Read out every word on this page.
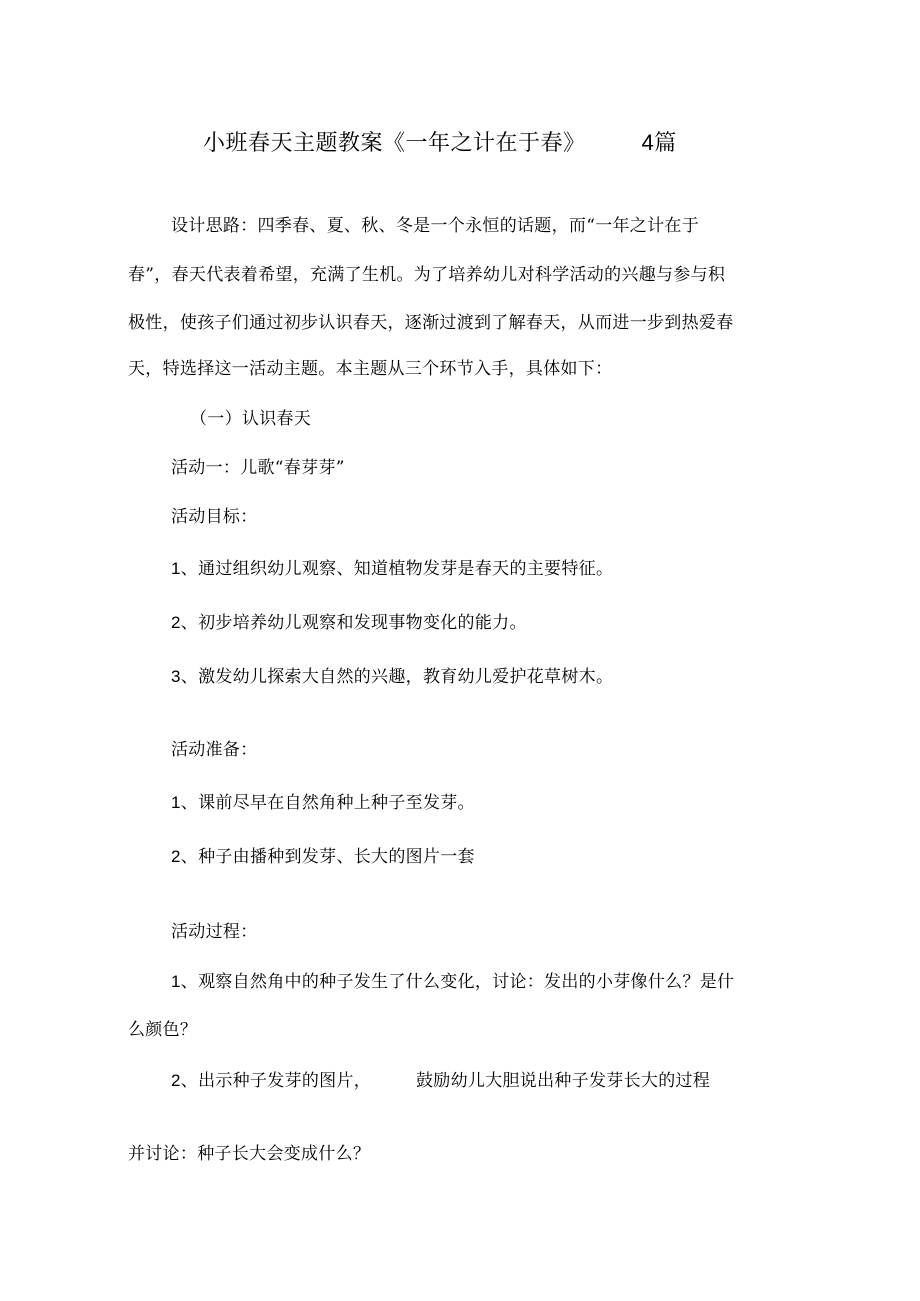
小班春天主题教案《一年之计在于春》	4篇
设计思路：四季春、夏、秋、冬是一个永恒的话题，而“一年之计在于
春”，春天代表着希望，充满了生机。为了培养幼儿对科学活动的兴趣与参与积
极性，使孩子们通过初步认识春天，逐渐过渡到了解春天，从而进一步到热爱春
天，特选择这一活动主题。本主题从三个环节入手，具体如下：
（一）认识春天
活动一：儿歌“春芽芽”
活动目标：
1、通过组织幼儿观察、知道植物发芽是春天的主要特征。
2、初步培养幼儿观察和发现事物变化的能力。
3、激发幼儿探索大自然的兴趣，教育幼儿爱护花草树木。
活动准备：
1、课前尽早在自然角种上种子至发芽。
2、种子由播种到发芽、长大的图片一套
活动过程：
1、观察自然角中的种子发生了什么变化，讨论：发出的小芽像什么？是什
么颜色？
2、出示种子发芽的图片，	鼓励幼儿大胆说出种子发芽长大的过程
并讨论：种子长大会变成什么？
